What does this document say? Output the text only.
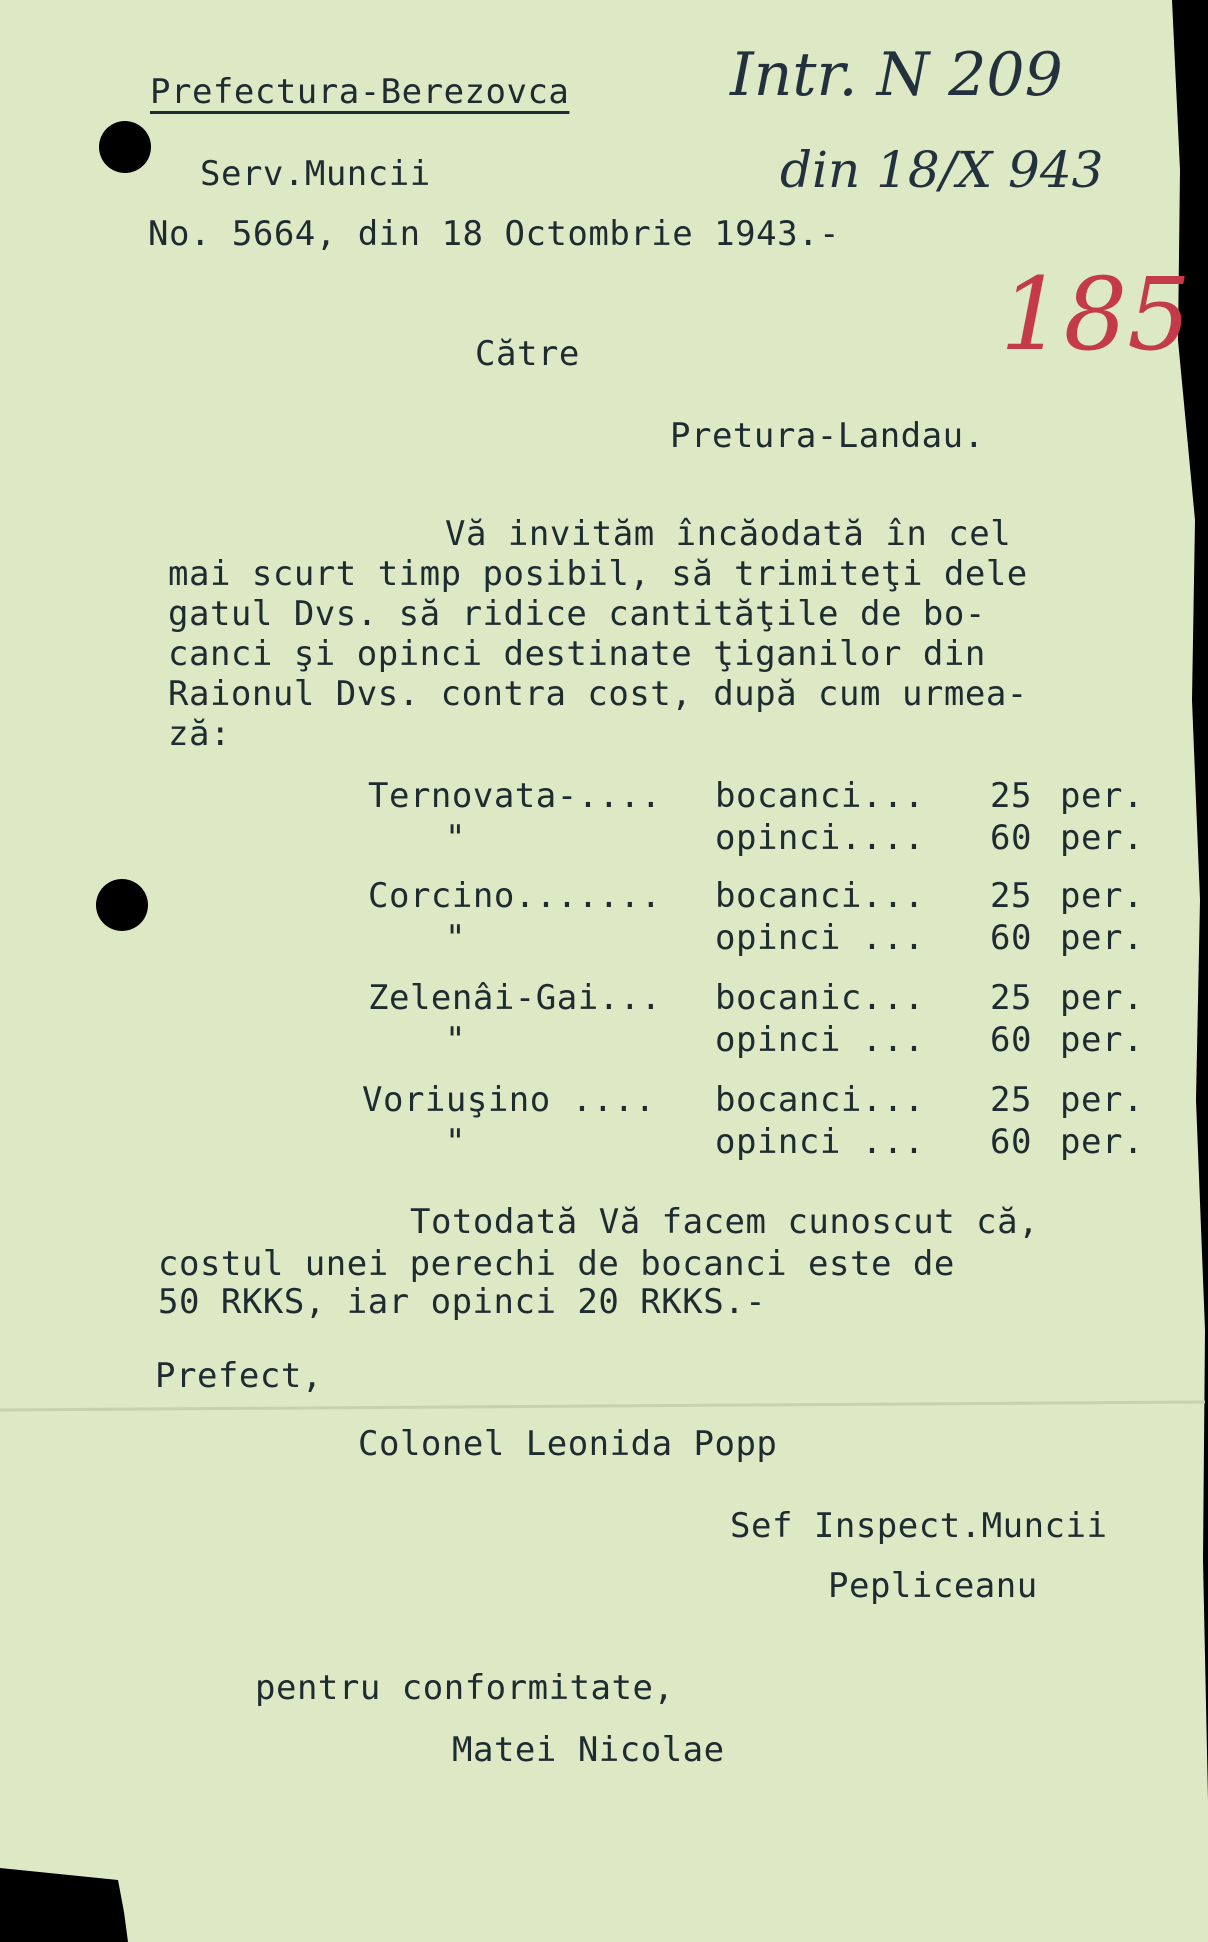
Prefectura-Berezovca
Serv.Muncii
No. 5664, din 18 Octombrie 1943.-
Intr. N 209
din 18/X 943
185
Către
Pretura-Landau.
Vă invităm încăodată în cel
mai scurt timp posibil, să trimiteţi dele
gatul Dvs. să ridice cantităţile de bo-
canci şi opinci destinate ţiganilor din
Raionul Dvs. contra cost, după cum urmea-
ză:
Ternovata-.... bocanci... 25 per.
"	opinci.... 60 per.
Corcino....... bocanci... 25 per.
"	opinci ... 60 per.
Zelenâi-Gai... bocanic... 25 per.
"	opinci ... 60 per.
Voriuşino .... bocanci... 25 per.
"	opinci ... 60 per.
Totodată Vă facem cunoscut că,
costul unei perechi de bocanci este de
50 RKKS, iar opinci 20 RKKS.-
Prefect,
Colonel Leonida Popp
Sef Inspect.Muncii
Pepliceanu
pentru conformitate,
Matei Nicolae
